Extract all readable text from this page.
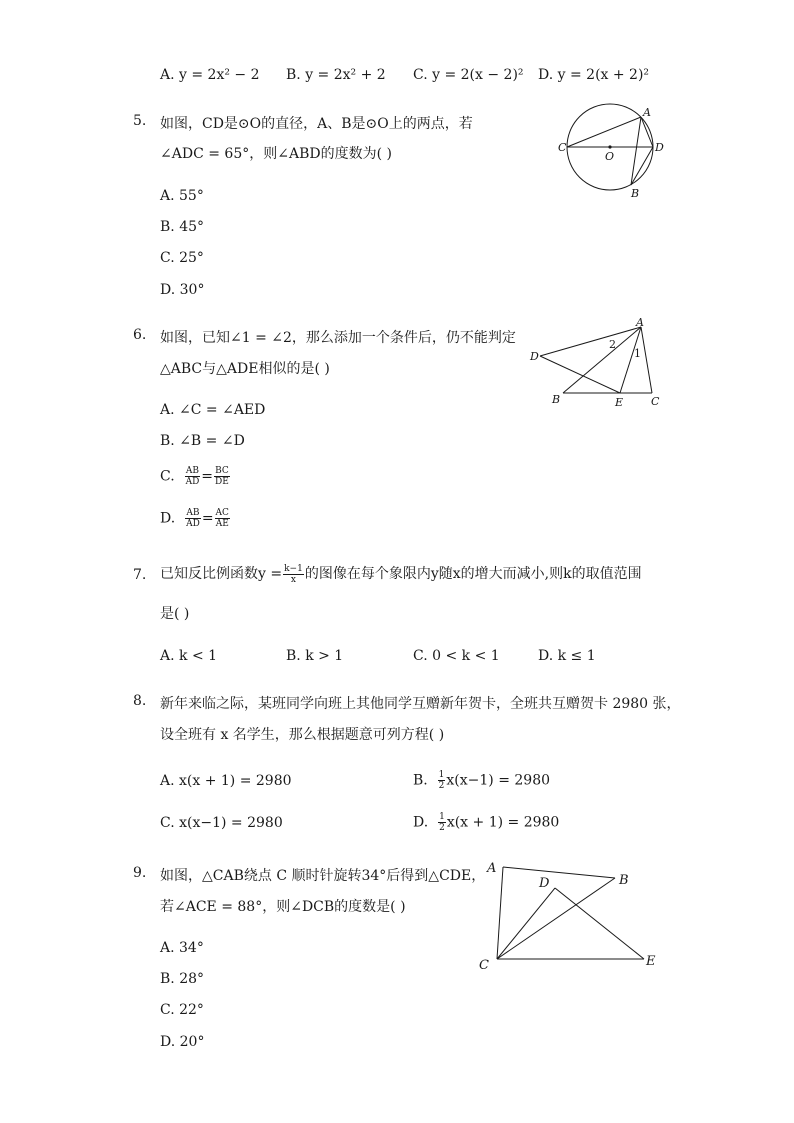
A. y = 2x² − 2 B. y = 2x² + 2 C. y = 2(x − 2)² D. y = 2(x + 2)²
5. 如图，CD是⊙O的直径，A、B是⊙O上的两点，若
∠ADC = 65°，则∠ABD的度数为( )
A. 55°
B. 45°
C. 25°
D. 30°
A
B
C	D
O
6. 如图，已知∠1 = ∠2，那么添加一个条件后，仍不能判定
△ABC与△ADE相似的是( )
A. ∠C = ∠AED
B. ∠B = ∠D
C. $\frac{AB}{AD} = \frac{BC}{DE}$
D. $\frac{AB}{AD} = \frac{AC}{AE}$
A
B	C
D
E
1
2
7. 已知反比例函数$y = \frac{k-1}{x}$ 的图像在每个象限内y随x的增大而减小,则k的取值范围
是( )
A. k < 1	B. k > 1	C. 0 < k < 1	D. k ≤ 1
8. 新年来临之际，某班同学向班上其他同学互赠新年贺卡，全班共互赠贺卡 2980 张，
设全班有 x 名学生，那么根据题意可列方程( )
A. x(x + 1) = 2980	B. $\frac{1}{2} x(x-1) = 2980$
C. x(x−1) = 2980	D. $\frac{1}{2} x(x + 1) = 2980$
9. 如图，△CAB绕点 C 顺时针旋转34°后得到△CDE，
若∠ACE = 88°，则∠DCB的度数是( )
A. 34°
B. 28°
C. 22°
D. 20°
A
B
C
D
E
